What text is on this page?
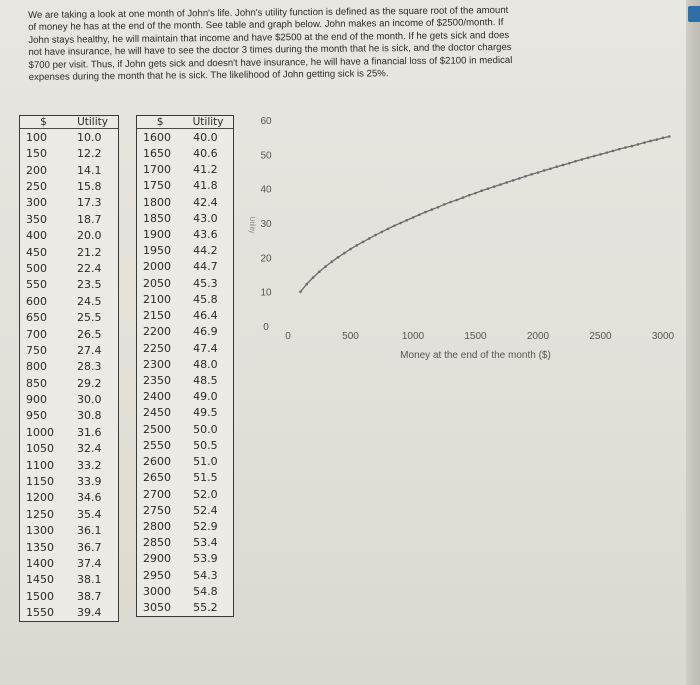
We are taking a look at one month of John's life. John's utility function is defined as the square root of the amount

of money he has at the end of the month. See table and graph below. John makes an income of $2500/month. If

John stays healthy, he will maintain that income and have $2500 at the end of the month. If he gets sick and does

not have insurance, he will have to see the doctor 3 times during the month that he is sick, and the doctor charges

$700 per visit. Thus, if John gets sick and doesn't have insurance, he will have a financial loss of $2100 in medical

expenses during the month that he is sick. The likelihood of John getting sick is 25%.

$	Utility
100	10.0
150	12.2
200	14.1
250	15.8
300	17.3
350	18.7
400	20.0
450	21.2
500	22.4
550	23.5
600	24.5
650	25.5
700	26.5
750	27.4
800	28.3
850	29.2
900	30.0
950	30.8
1000	31.6
1050	32.4
1100	33.2
1150	33.9
1200	34.6
1250	35.4
1300	36.1
1350	36.7
1400	37.4
1450	38.1
1500	38.7
1550	39.4
$	Utility
1600	40.0
1650	40.6
1700	41.2
1750	41.8
1800	42.4
1850	43.0
1900	43.6
1950	44.2
2000	44.7
2050	45.3
2100	45.8
2150	46.4
2200	46.9
2250	47.4
2300	48.0
2350	48.5
2400	49.0
2450	49.5
2500	50.0
2550	50.5
2600	51.0
2650	51.5
2700	52.0
2750	52.4
2800	52.9
2850	53.4
2900	53.9
2950	54.3
3000	54.8
3050	55.2
0
10
20
30
40
50
60
0	500	1000	1500	2000	2500	3000
Money at the end of the month ($)
Utility
